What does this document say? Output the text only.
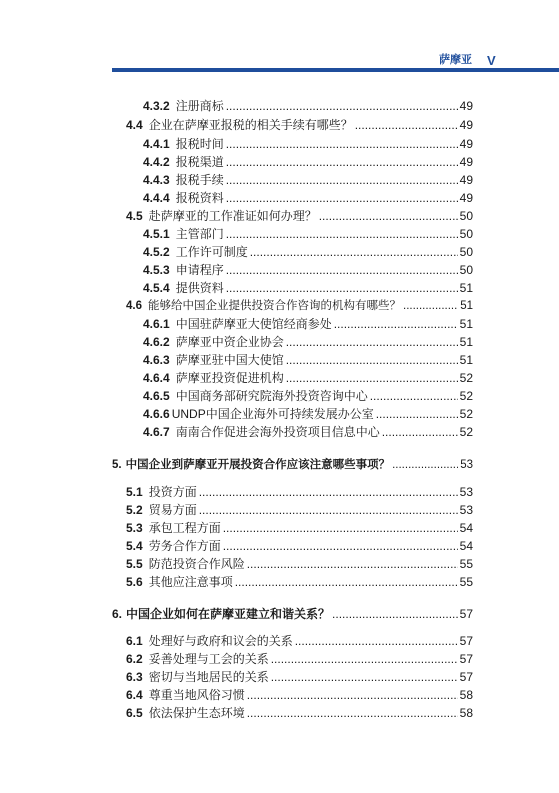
萨摩亚 V
4.3.2 注册商标 .....	49
4.4 企业在萨摩亚报税的相关手续有哪些？ .....	49
4.4.1 报税时间 .....	49
4.4.2 报税渠道 .....	49
4.4.3 报税手续 .....	49
4.4.4 报税资料 .....	49
4.5 赴萨摩亚的工作准证如何办理？ .....	50
4.5.1 主管部门 .....	50
4.5.2 工作许可制度 .....	50
4.5.3 申请程序 .....	50
4.5.4 提供资料 .....	51
4.6 能够给中国企业提供投资合作咨询的机构有哪些？ .....	51
4.6.1 中国驻萨摩亚大使馆经商参处 .....	51
4.6.2 萨摩亚中资企业协会 .....	51
4.6.3 萨摩亚驻中国大使馆 .....	51
4.6.4 萨摩亚投资促进机构 .....	52
4.6.5 中国商务部研究院海外投资咨询中心 .....	52
4.6.6 UNDP中国企业海外可持续发展办公室 .....	52
4.6.7 南南合作促进会海外投资项目信息中心 .....	52
5. 中国企业到萨摩亚开展投资合作应该注意哪些事项？ .....	53
5.1 投资方面 .....	53
5.2 贸易方面 .....	53
5.3 承包工程方面 .....	54
5.4 劳务合作方面 .....	54
5.5 防范投资合作风险 .....	55
5.6 其他应注意事项 .....	55
6. 中国企业如何在萨摩亚建立和谐关系？ .....	57
6.1 处理好与政府和议会的关系 .....	57
6.2 妥善处理与工会的关系 .....	57
6.3 密切与当地居民的关系 .....	57
6.4 尊重当地风俗习惯 .....	58
6.5 依法保护生态环境 .....	58
